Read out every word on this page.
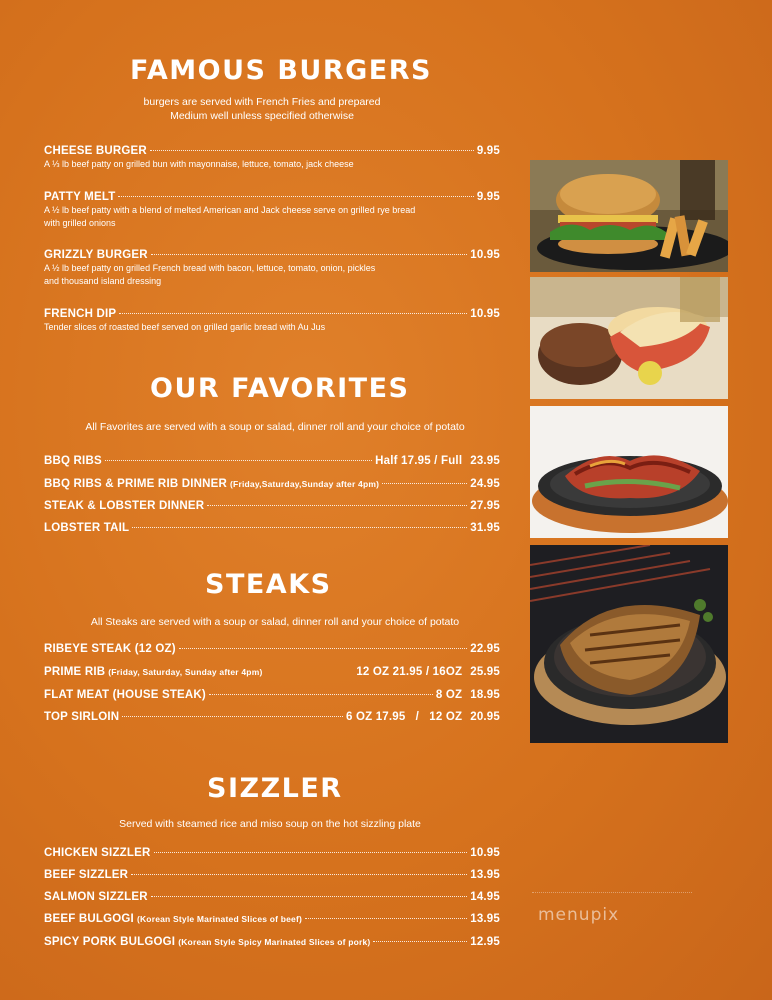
FAMOUS BURGERS
burgers are served with French Fries and prepared
Medium well unless specified otherwise
CHEESE BURGER	9.95
A ⅓ lb beef patty on grilled bun with mayonnaise, lettuce, tomato, jack cheese
PATTY MELT	9.95
A ½ lb beef patty with a blend of melted American and Jack cheese serve on grilled rye bread
with grilled onions
GRIZZLY BURGER	10.95
A ½ lb beef patty on grilled French bread with bacon, lettuce, tomato, onion, pickles
and thousand island dressing
FRENCH DIP	10.95
Tender slices of roasted beef served on grilled garlic bread with Au Jus
OUR FAVORITES
All Favorites are served with a soup or salad, dinner roll and your choice of potato
BBQ RIBS	Half 17.95 / Full 23.95
BBQ RIBS & PRIME RIB DINNER (Friday,Saturday,Sunday after 4pm)	24.95
STEAK & LOBSTER DINNER	27.95
LOBSTER TAIL	31.95
STEAKS
All Steaks are served with a soup or salad, dinner roll and your choice of potato
RIBEYE STEAK (12 OZ)	22.95
PRIME RIB (Friday, Saturday, Sunday after 4pm)	12 OZ 21.95 / 16OZ 25.95
FLAT MEAT (HOUSE STEAK)	8 OZ 18.95
TOP SIRLOIN	6 OZ 17.95   /   12 OZ 20.95
SIZZLER
Served with steamed rice and miso soup on the hot sizzling plate
CHICKEN SIZZLER	10.95
BEEF SIZZLER	13.95
SALMON SIZZLER	14.95
BEEF BULGOGI (Korean Style Marinated Slices of beef)	13.95
SPICY PORK BULGOGI (Korean Style Spicy Marinated Slices of pork)	12.95
menupix
